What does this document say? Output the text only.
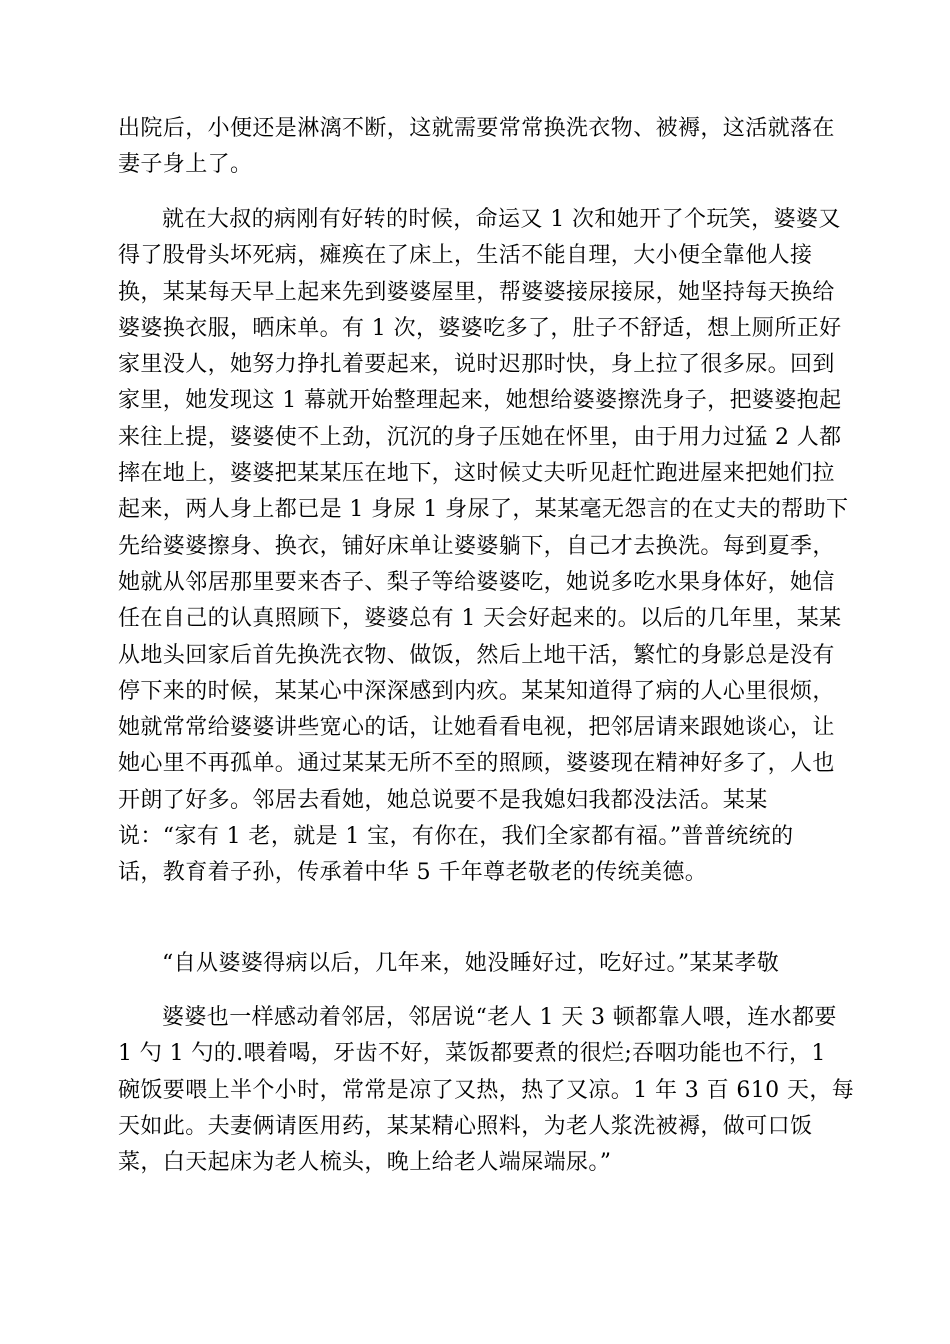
出院后，小便还是淋漓不断，这就需要常常换洗衣物、被褥，这活就落在
妻子身上了。
就在大叔的病刚有好转的时候，命运又 1 次和她开了个玩笑，婆婆又
得了股骨头坏死病，瘫痪在了床上，生活不能自理，大小便全靠他人接
换，某某每天早上起来先到婆婆屋里，帮婆婆接尿接尿，她坚持每天换给
婆婆换衣服，晒床单。有 1 次，婆婆吃多了，肚子不舒适，想上厕所正好
家里没人，她努力挣扎着要起来，说时迟那时快，身上拉了很多尿。回到
家里，她发现这 1 幕就开始整理起来，她想给婆婆擦洗身子，把婆婆抱起
来往上提，婆婆使不上劲，沉沉的身子压她在怀里，由于用力过猛 2 人都
摔在地上，婆婆把某某压在地下，这时候丈夫听见赶忙跑进屋来把她们拉
起来，两人身上都已是 1 身尿 1 身尿了，某某毫无怨言的在丈夫的帮助下
先给婆婆擦身、换衣，铺好床单让婆婆躺下，自己才去换洗。每到夏季，
她就从邻居那里要来杏子、梨子等给婆婆吃，她说多吃水果身体好，她信
任在自己的认真照顾下，婆婆总有 1 天会好起来的。以后的几年里，某某
从地头回家后首先换洗衣物、做饭，然后上地干活，繁忙的身影总是没有
停下来的时候，某某心中深深感到内疚。某某知道得了病的人心里很烦，
她就常常给婆婆讲些宽心的话，让她看看电视，把邻居请来跟她谈心，让
她心里不再孤单。通过某某无所不至的照顾，婆婆现在精神好多了，人也
开朗了好多。邻居去看她，她总说要不是我媳妇我都没法活。某某
说：“家有 1 老，就是 1 宝，有你在，我们全家都有福。”普普统统的
话，教育着子孙，传承着中华 5 千年尊老敬老的传统美德。
“自从婆婆得病以后，几年来，她没睡好过，吃好过。”某某孝敬
婆婆也一样感动着邻居，邻居说“老人 1 天 3 顿都靠人喂，连水都要
1 勺 1 勺的.喂着喝，牙齿不好，菜饭都要煮的很烂;吞咽功能也不行，1
碗饭要喂上半个小时，常常是凉了又热，热了又凉。1 年 3 百 610 天，每
天如此。夫妻俩请医用药，某某精心照料，为老人浆洗被褥，做可口饭
菜，白天起床为老人梳头，晚上给老人端屎端尿。”
